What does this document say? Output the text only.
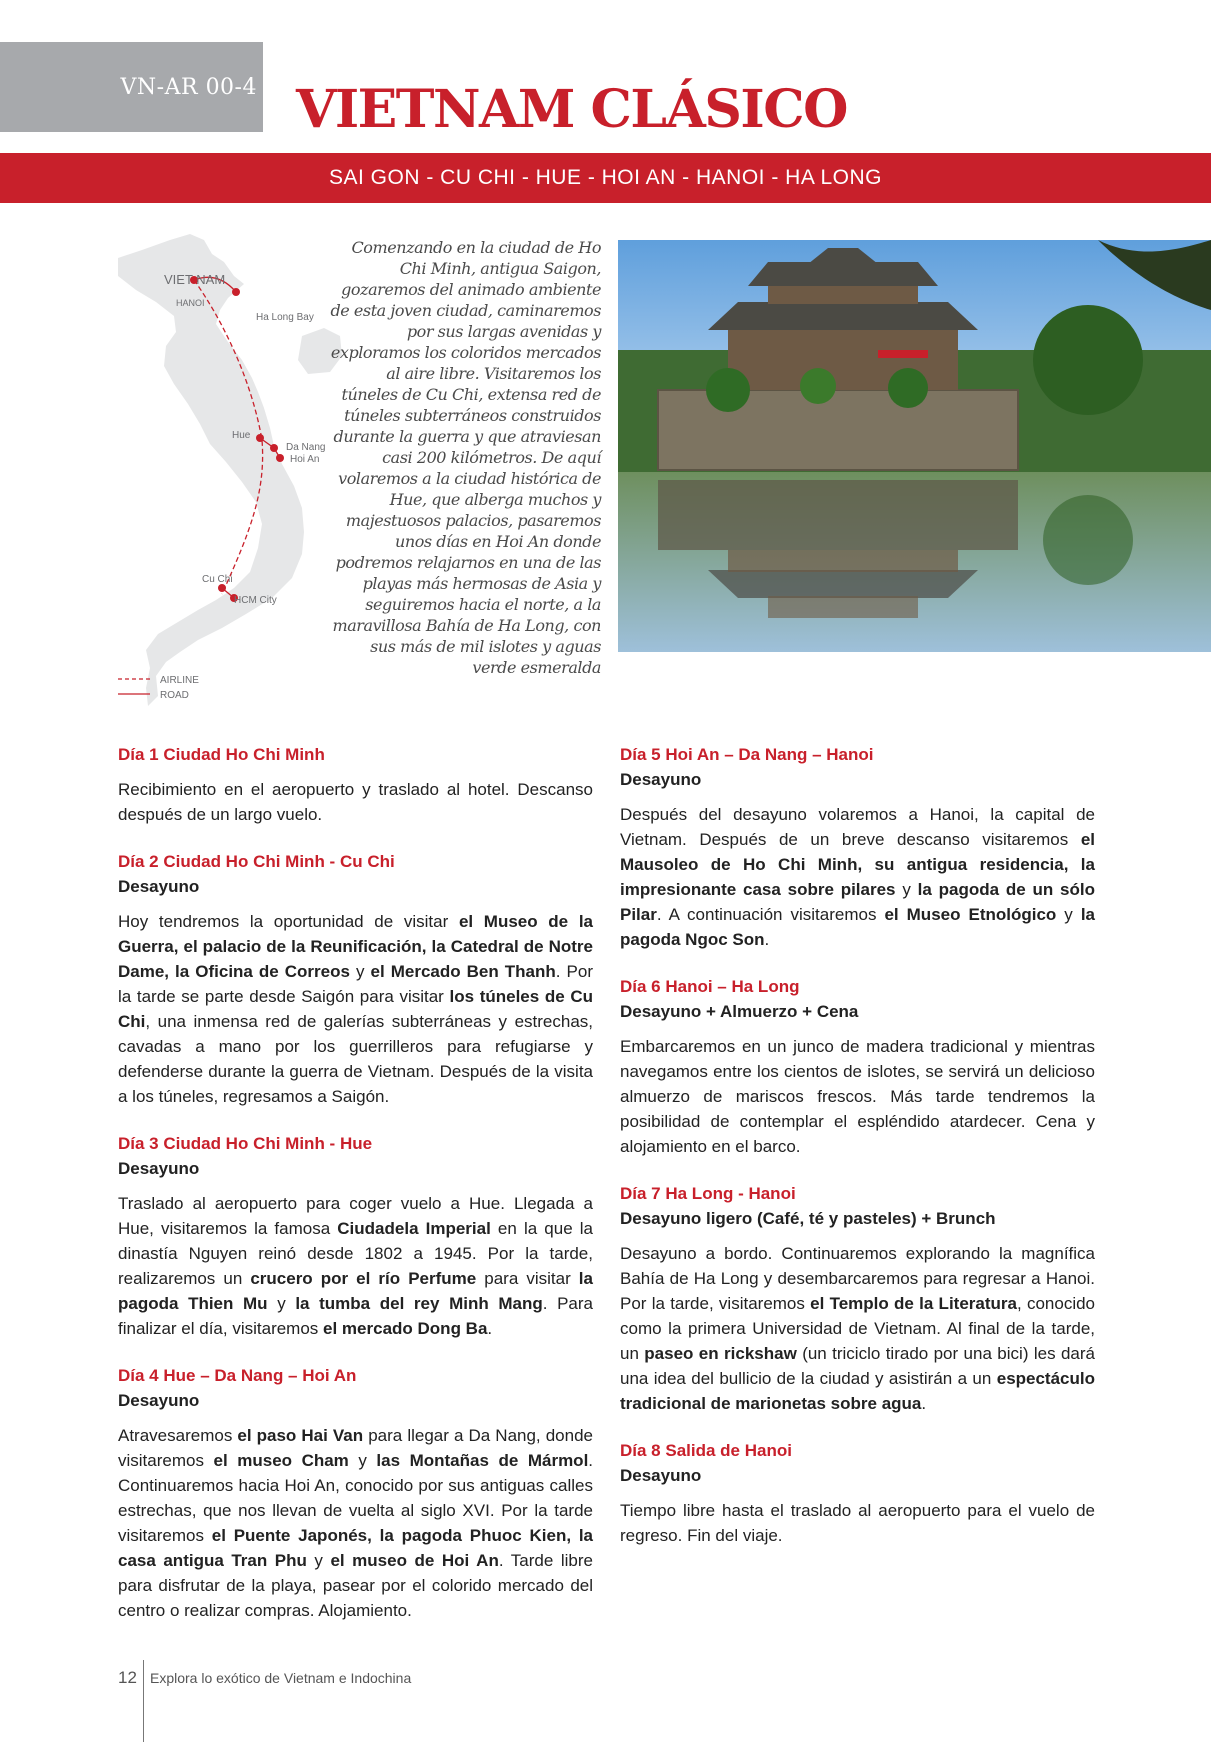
VN-AR 00-4 VIETNAM CLÁSICO
SAI GON - CU CHI - HUE - HOI AN - HANOI - HA LONG
VIET NAM
HANOI
Ha Long Bay
Hue
Da Nang
Hoi An
Cu Chi
HCM City
AIRLINE
ROAD

Comenzando en la ciudad de Ho Chi Minh, antigua Saigon, gozaremos del animado ambiente de esta joven ciudad, caminaremos por sus largas avenidas y exploramos los coloridos mercados al aire libre. Visitaremos los túneles de Cu Chi, extensa red de túneles subterráneos construidos durante la guerra y que atraviesan casi 200 kilómetros. De aquí volaremos a la ciudad histórica de Hue, que alberga muchos y majestuosos palacios, pasaremos unos días en Hoi An donde podremos relajarnos en una de las playas más hermosas de Asia y seguiremos hacia el norte, a la maravillosa Bahía de Ha Long, con sus más de mil islotes y aguas verde esmeralda

Día 1 Ciudad Ho Chi Minh

Recibimiento en el aeropuerto y traslado al hotel. Descanso después de un largo vuelo.

Día 2 Ciudad Ho Chi Minh - Cu Chi

Desayuno

Hoy tendremos la oportunidad de visitar el Museo de la Guerra, el palacio de la Reunificación, la Catedral de Notre Dame, la Oficina de Correos y el Mercado Ben Thanh. Por la tarde se parte desde Saigón para visitar los túneles de Cu Chi, una inmensa red de galerías subterráneas y estrechas, cavadas a mano por los guerrilleros para refugiarse y defenderse durante la guerra de Vietnam. Después de la visita a los túneles, regresamos a Saigón.

Día 3 Ciudad Ho Chi Minh - Hue

Desayuno

Traslado al aeropuerto para coger vuelo a Hue. Llegada a Hue, visitaremos la famosa Ciudadela Imperial en la que la dinastía Nguyen reinó desde 1802 a 1945. Por la tarde, realizaremos un crucero por el río Perfume para visitar la pagoda Thien Mu y la tumba del rey Minh Mang. Para finalizar el día, visitaremos el mercado Dong Ba.

Día 4 Hue – Da Nang – Hoi An

Desayuno

Atravesaremos el paso Hai Van para llegar a Da Nang, donde visitaremos el museo Cham y las Montañas de Mármol. Continuaremos hacia Hoi An, conocido por sus antiguas calles estrechas, que nos llevan de vuelta al siglo XVI. Por la tarde visitaremos el Puente Japonés, la pagoda Phuoc Kien, la casa antigua Tran Phu y el museo de Hoi An. Tarde libre para disfrutar de la playa, pasear por el colorido mercado del centro o realizar compras. Alojamiento.

Día 5 Hoi An – Da Nang – Hanoi

Desayuno

Después del desayuno volaremos a Hanoi, la capital de Vietnam. Después de un breve descanso visitaremos el Mausoleo de Ho Chi Minh, su antigua residencia, la impresionante casa sobre pilares y la pagoda de un sólo Pilar. A continuación visitaremos el Museo Etnológico y la pagoda Ngoc Son.

Día 6 Hanoi – Ha Long

Desayuno + Almuerzo + Cena

Embarcaremos en un junco de madera tradicional y mientras navegamos entre los cientos de islotes, se servirá un delicioso almuerzo de mariscos frescos. Más tarde tendremos la posibilidad de contemplar el espléndido atardecer. Cena y alojamiento en el barco.

Día 7 Ha Long - Hanoi

Desayuno ligero (Café, té y pasteles) + Brunch

Desayuno a bordo. Continuaremos explorando la magnífica Bahía de Ha Long y desembarcaremos para regresar a Hanoi. Por la tarde, visitaremos el Templo de la Literatura, conocido como la primera Universidad de Vietnam. Al final de la tarde, un paseo en rickshaw (un triciclo tirado por una bici) les dará una idea del bullicio de la ciudad y asistirán a un espectáculo tradicional de marionetas sobre agua.

Día 8 Salida de Hanoi

Desayuno

Tiempo libre hasta el traslado al aeropuerto para el vuelo de regreso. Fin del viaje.

12 Explora lo exótico de Vietnam e Indochina
